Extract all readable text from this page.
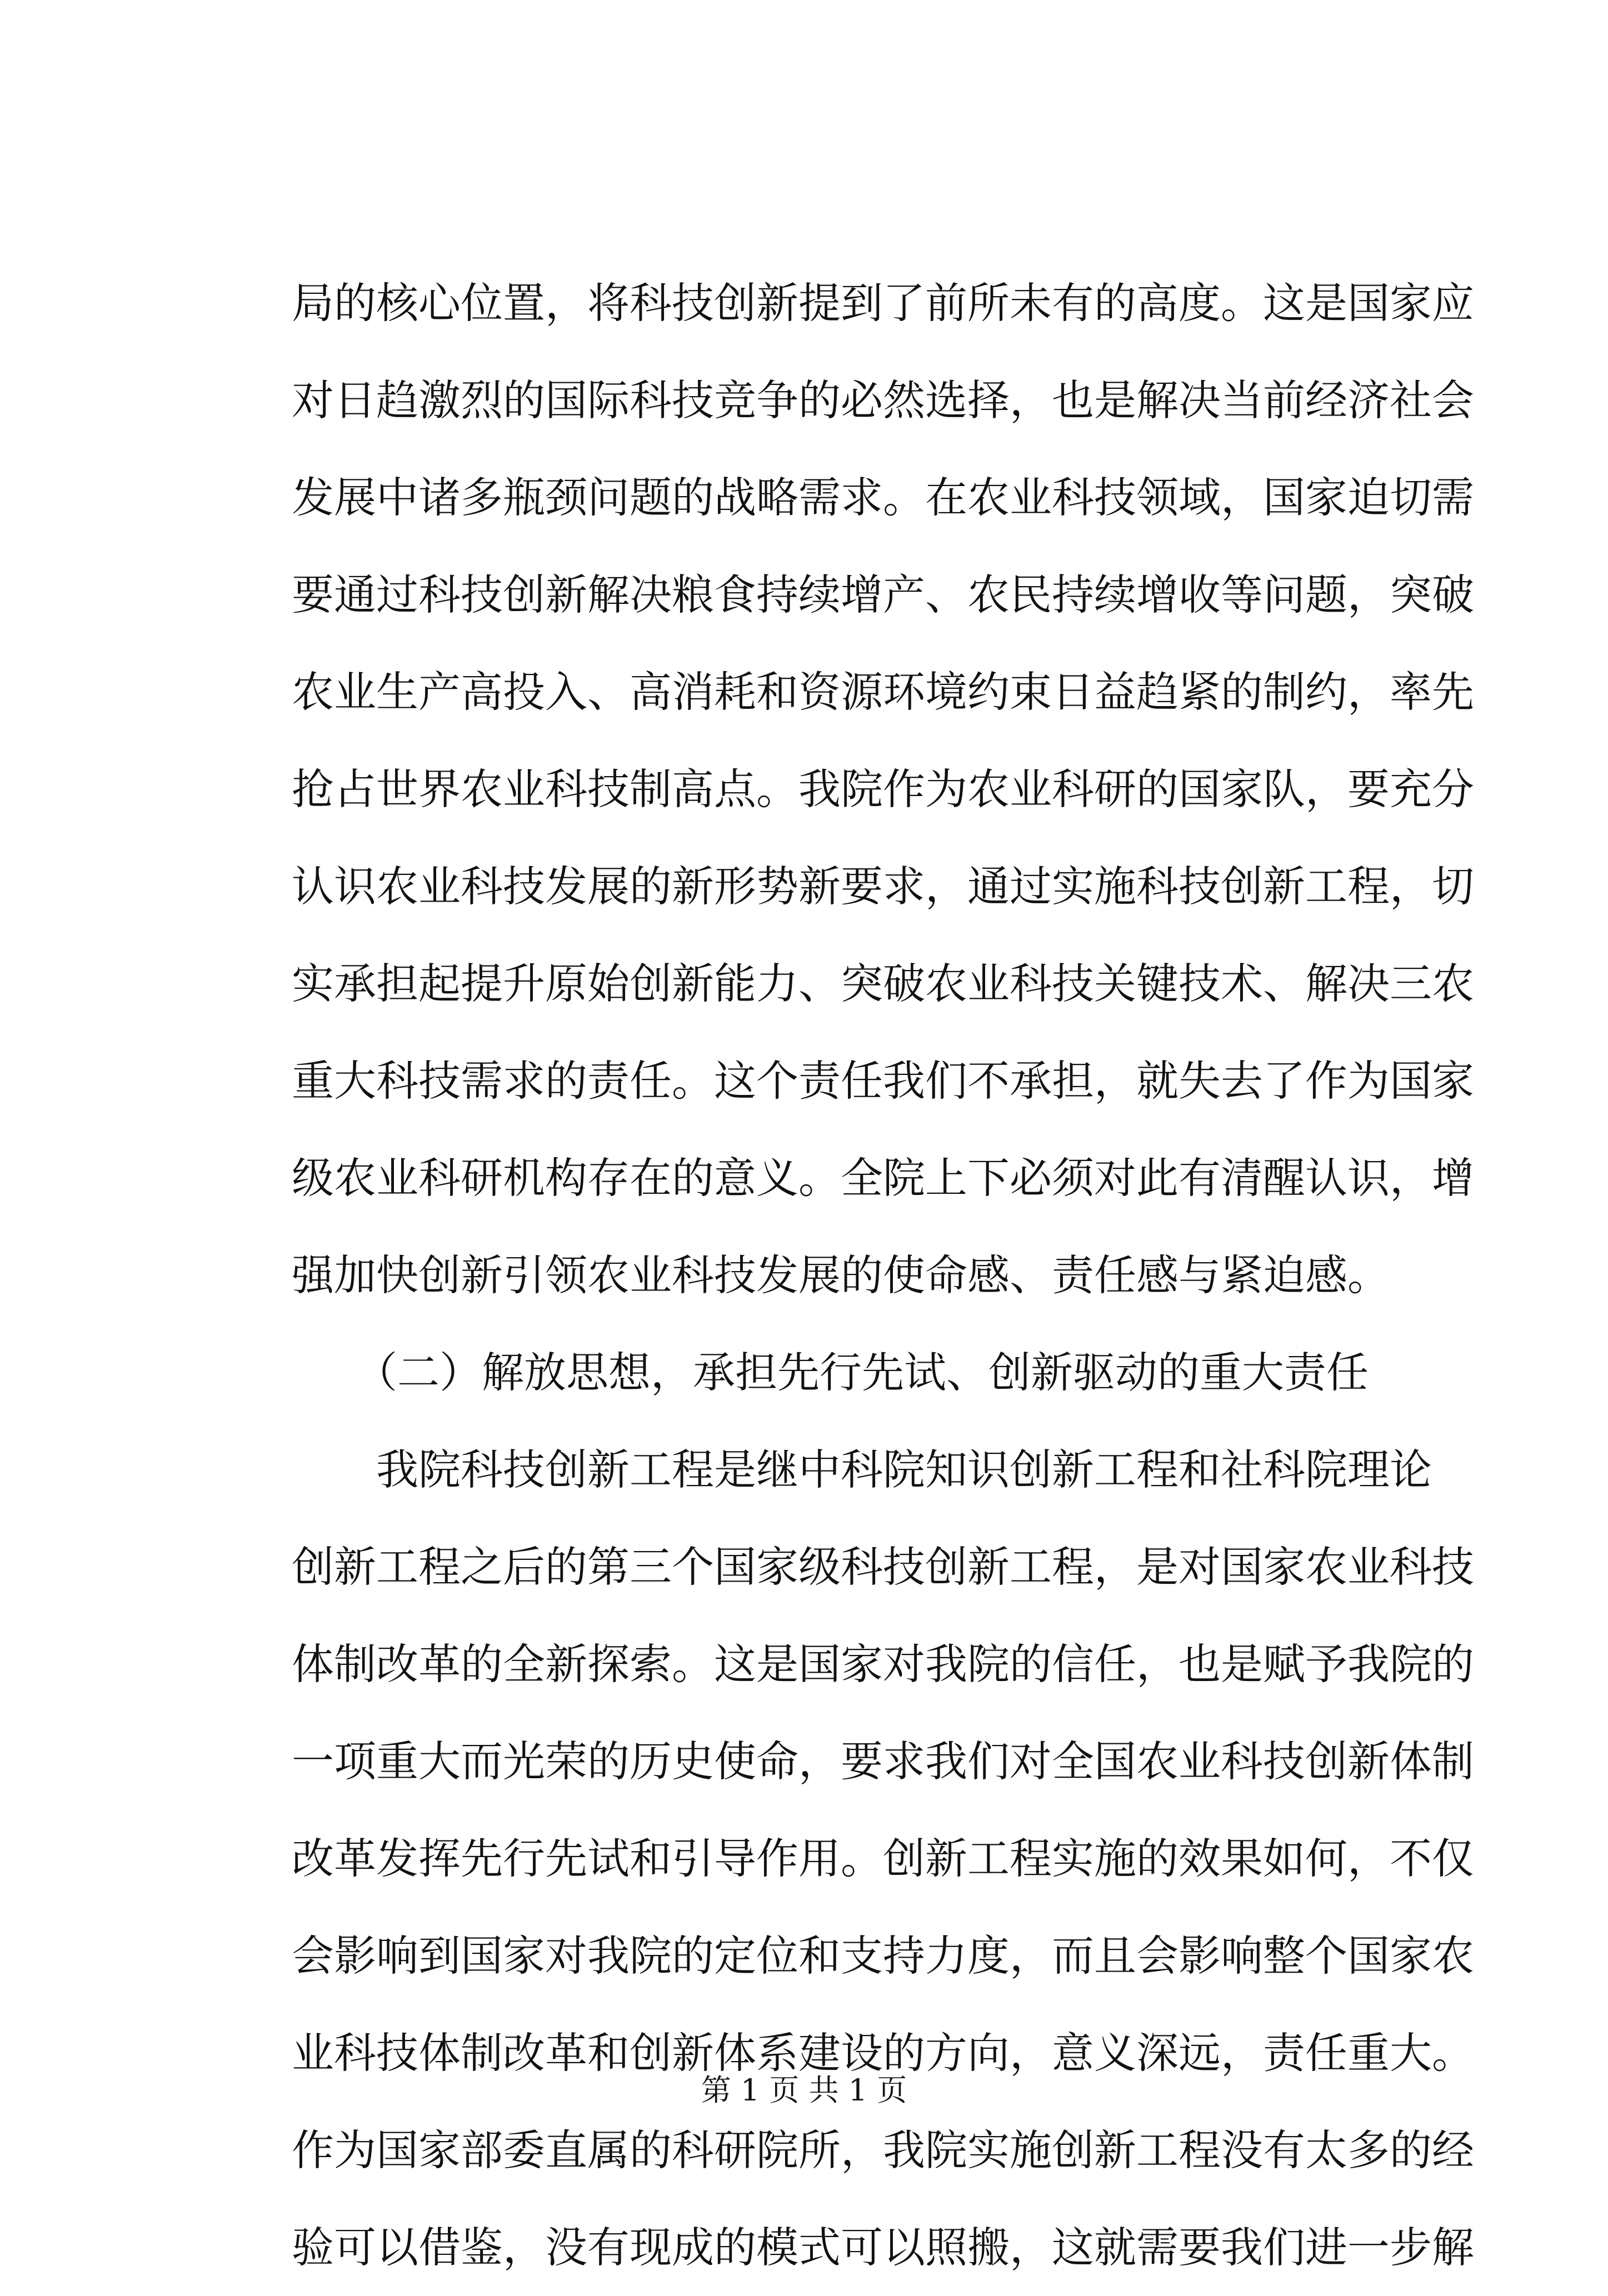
局的核心位置，将科技创新提到了前所未有的高度。这是国家应
对日趋激烈的国际科技竞争的必然选择，也是解决当前经济社会
发展中诸多瓶颈问题的战略需求。在农业科技领域，国家迫切需
要通过科技创新解决粮食持续增产、农民持续增收等问题，突破
农业生产高投入、高消耗和资源环境约束日益趋紧的制约，率先
抢占世界农业科技制高点。我院作为农业科研的国家队，要充分
认识农业科技发展的新形势新要求，通过实施科技创新工程，切
实承担起提升原始创新能力、突破农业科技关键技术、解决三农
重大科技需求的责任。这个责任我们不承担，就失去了作为国家
级农业科研机构存在的意义。全院上下必须对此有清醒认识，增
强加快创新引领农业科技发展的使命感、责任感与紧迫感。
　　（二）解放思想，承担先行先试、创新驱动的重大责任
　　我院科技创新工程是继中科院知识创新工程和社科院理论
创新工程之后的第三个国家级科技创新工程，是对国家农业科技
体制改革的全新探索。这是国家对我院的信任，也是赋予我院的
一项重大而光荣的历史使命，要求我们对全国农业科技创新体制
改革发挥先行先试和引导作用。创新工程实施的效果如何，不仅
会影响到国家对我院的定位和支持力度，而且会影响整个国家农
业科技体制改革和创新体系建设的方向，意义深远，责任重大。
作为国家部委直属的科研院所，我院实施创新工程没有太多的经
验可以借鉴，没有现成的模式可以照搬，这就需要我们进一步解
第 1 页 共 1 页
